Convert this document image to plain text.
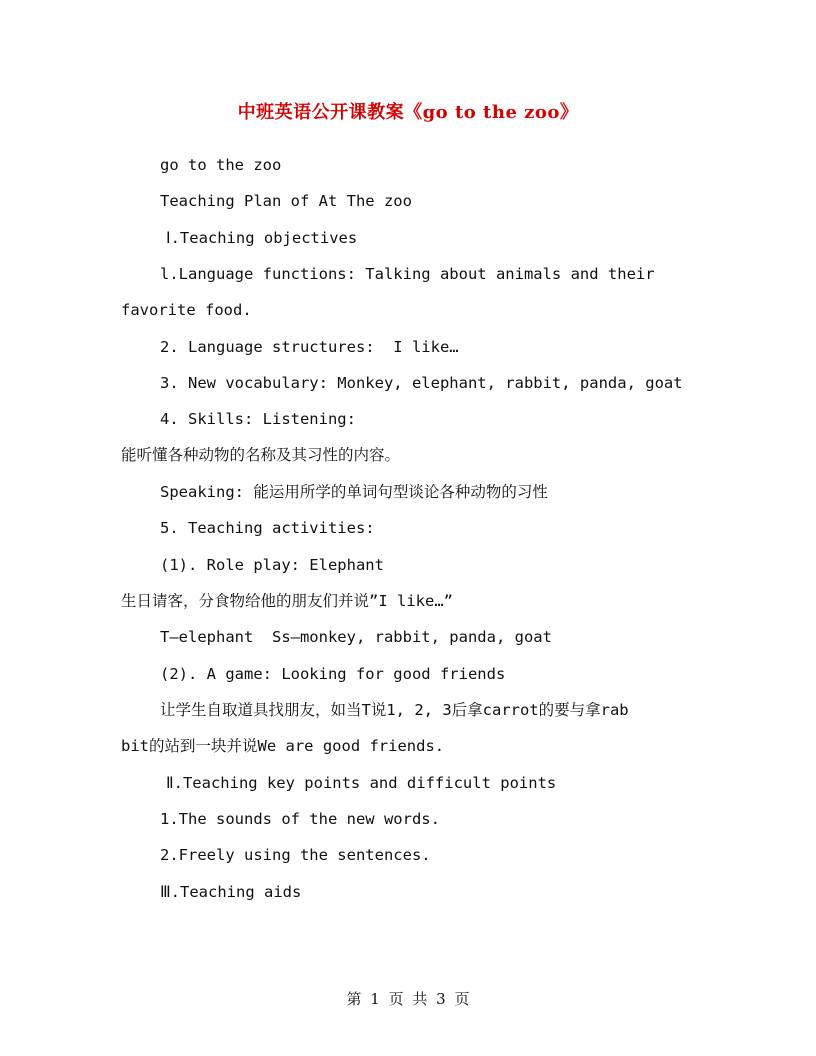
中班英语公开课教案《go to the zoo》
go to the zoo
Teaching Plan of At The zoo
Ⅰ.Teaching objectives
l.Language functions: Talking about animals and their
favorite food.
2. Language structures:  I like…
3. New vocabulary: Monkey, elephant, rabbit, panda, goat
4. Skills: Listening:
能听懂各种动物的名称及其习性的内容。
Speaking: 能运用所学的单词句型谈论各种动物的习性
5. Teaching activities:
(1). Role play: Elephant
生日请客，分食物给他的朋友们并说”I like…”
T—elephant  Ss—monkey, rabbit, panda, goat
(2). A game: Looking for good friends
让学生自取道具找朋友，如当T说1, 2, 3后拿carrot的要与拿rab
bit的站到一块并说We are good friends.
Ⅱ.Teaching key points and difficult points
1.The sounds of the new words.
2.Freely using the sentences.
Ⅲ.Teaching aids
第 1 页 共 3 页
